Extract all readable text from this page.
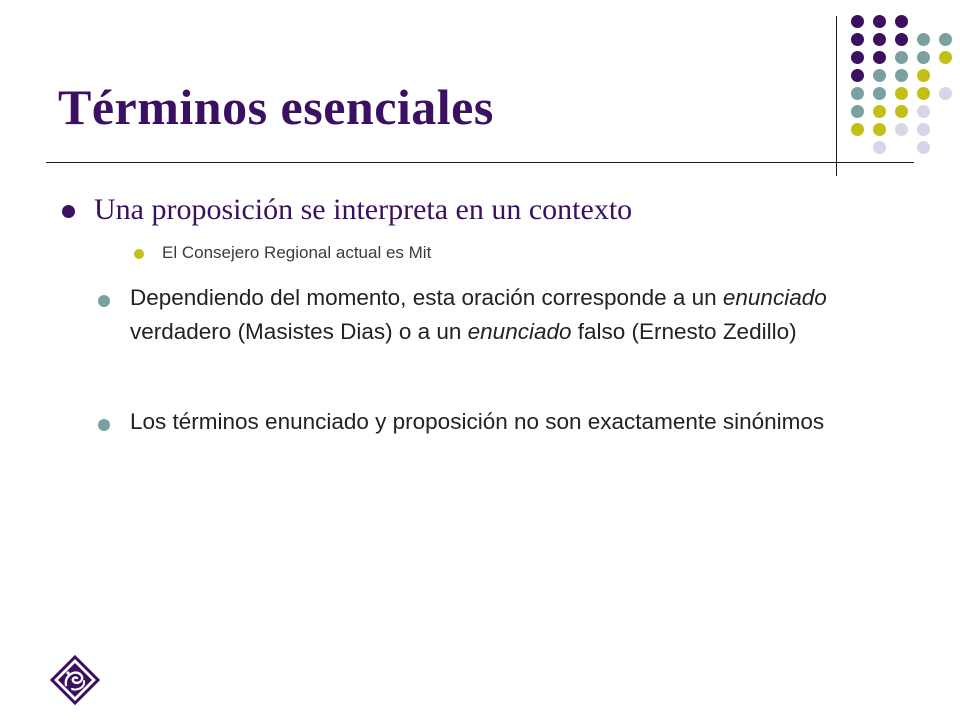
Términos esenciales
Una proposición se interpreta en un contexto
El Consejero Regional actual es Mit
Dependiendo del momento, esta oración corresponde a un enunciado verdadero (Masistes Dias) o a un enunciado falso (Ernesto Zedillo)
Los términos enunciado y proposición no son exactamente sinónimos
